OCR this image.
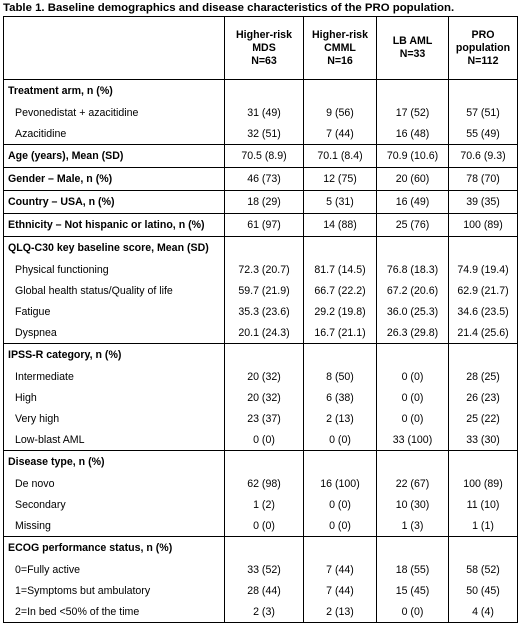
Table 1. Baseline demographics and disease characteristics of the PRO population.

	Higher-risk
MDS
N=63	Higher-risk
CMML
N=16	LB AML
N=33	PRO
population
N=112

Treatment arm, n (%)				
Pevonedistat + azacitidine	31 (49)	9 (56)	17 (52)	57 (51)
Azacitidine	32 (51)	7 (44)	16 (48)	55 (49)
Age (years), Mean (SD)	70.5 (8.9)	70.1 (8.4)	70.9 (10.6)	70.6 (9.3)
Gender – Male, n (%)	46 (73)	12 (75)	20 (60)	78 (70)
Country – USA, n (%)	18 (29)	5 (31)	16 (49)	39 (35)
Ethnicity – Not hispanic or latino, n (%)	61 (97)	14 (88)	25 (76)	100 (89)
QLQ-C30 key baseline score, Mean (SD)				
Physical functioning	72.3 (20.7)	81.7 (14.5)	76.8 (18.3)	74.9 (19.4)
Global health status/Quality of life	59.7 (21.9)	66.7 (22.2)	67.2 (20.6)	62.9 (21.7)
Fatigue	35.3 (23.6)	29.2 (19.8)	36.0 (25.3)	34.6 (23.5)
Dyspnea	20.1 (24.3)	16.7 (21.1)	26.3 (29.8)	21.4 (25.6)
IPSS-R category, n (%)				
Intermediate	20 (32)	8 (50)	0 (0)	28 (25)
High	20 (32)	6 (38)	0 (0)	26 (23)
Very high	23 (37)	2 (13)	0 (0)	25 (22)
Low-blast AML	0 (0)	0 (0)	33 (100)	33 (30)
Disease type, n (%)				
De novo	62 (98)	16 (100)	22 (67)	100 (89)
Secondary	1 (2)	0 (0)	10 (30)	11 (10)
Missing	0 (0)	0 (0)	1 (3)	1 (1)
ECOG performance status, n (%)				
0=Fully active	33 (52)	7 (44)	18 (55)	58 (52)
1=Symptoms but ambulatory	28 (44)	7 (44)	15 (45)	50 (45)
2=In bed <50% of the time	2 (3)	2 (13)	0 (0)	4 (4)
